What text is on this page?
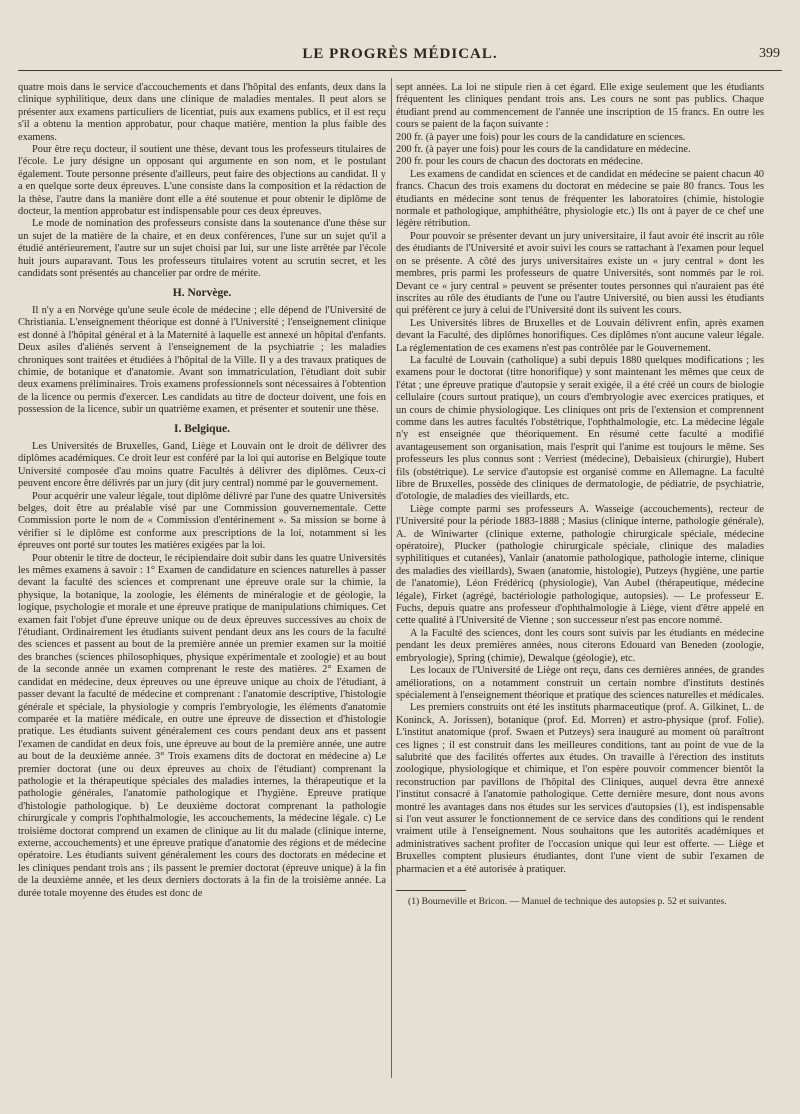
LE PROGRÈS MÉDICAL.	399

quatre mois dans le service d'accouchements et dans l'hôpital des enfants, deux dans la clinique syphilitique, deux dans une clinique de maladies mentales. Il peut alors se présenter aux examens particuliers de licentiat, puis aux examens publics, et il est reçu s'il a obtenu la mention approbatur, pour chaque matière, mention la plus faible des examens.

Pour être reçu docteur, il soutient une thèse, devant tous les professeurs titulaires de l'école. Le jury désigne un opposant qui argumente en son nom, et le postulant également. Toute personne présente d'ailleurs, peut faire des objections au candidat. Il y a en quelque sorte deux épreuves. L'une consiste dans la composition et la rédaction de la thèse, l'autre dans la manière dont elle a été soutenue et pour obtenir le diplôme de docteur, la mention approbatur est indispensable pour ces deux épreuves.

Le mode de nomination des professeurs consiste dans la soutenance d'une thèse sur un sujet de la matière de la chaire, et en deux conférences, l'une sur un sujet qu'il a étudié antérieurement, l'autre sur un sujet choisi par lui, sur une liste arrêtée par l'école huit jours auparavant. Tous les professeurs titulaires votent au scrutin secret, et les candidats sont présentés au chancelier par ordre de mérite.

H. Norvège.

Il n'y a en Norvège qu'une seule école de médecine ; elle dépend de l'Université de Christiania. L'enseignement théorique est donné à l'Université ; l'enseignement clinique est donné à l'hôpital général et à la Maternité à laquelle est annexé un hôpital d'enfants. Deux asiles d'aliénés servent à l'enseignement de la psychiatrie ; les maladies chroniques sont traitées et étudiées à l'hôpital de la Ville. Il y a des travaux pratiques de chimie, de botanique et d'anatomie. Avant son immatriculation, l'étudiant doit subir deux examens préliminaires. Trois examens professionnels sont nécessaires à l'obtention de la licence ou permis d'exercer. Les candidats au titre de docteur doivent, une fois en possession de la licence, subir un quatrième examen, et présenter et soutenir une thèse.

I. Belgique.

Les Universités de Bruxelles, Gand, Liège et Louvain ont le droit de délivrer des diplômes académiques. Ce droit leur est conféré par la loi qui autorise en Belgique toute Université composée d'au moins quatre Facultés à délivrer des diplômes. Ceux-ci peuvent encore être délivrés par un jury (dit jury central) nommé par le gouvernement.

Pour acquérir une valeur légale, tout diplôme délivré par l'une des quatre Universités belges, doit être au préalable visé par une Commission gouvernementale. Cette Commission porte le nom de « Commission d'entérinement ». Sa mission se borne à vérifier si le diplôme est conforme aux prescriptions de la loi, notamment si les épreuves ont porté sur toutes les matières exigées par la loi.

Pour obtenir le titre de docteur, le récipiendaire doit subir dans les quatre Universités les mêmes examens à savoir : 1° Examen de candidature en sciences naturelles à passer devant la faculté des sciences et comprenant une épreuve orale sur la chimie, la physique, la botanique, la zoologie, les éléments de minéralogie et de géologie, la logique, psychologie et morale et une épreuve pratique de manipulations chimiques. Cet examen fait l'objet d'une épreuve unique ou de deux épreuves successives au choix de l'étudiant. Ordinairement les étudiants suivent pendant deux ans les cours de la faculté des sciences et passent au bout de la première année un premier examen sur la moitié des branches (sciences philosophiques, physique expérimentale et zoologie) et au bout de la seconde année un examen comprenant le reste des matières. 2° Examen de candidat en médecine, deux épreuves ou une épreuve unique au choix de l'étudiant, à passer devant la faculté de médecine et comprenant : l'anatomie descriptive, l'histologie générale et spéciale, la physiologie y compris l'embryologie, les éléments d'anatomie comparée et la matière médicale, en outre une épreuve de dissection et d'histologie pratique. Les étudiants suivent généralement ces cours pendant deux ans et passent l'examen de candidat en deux fois, une épreuve au bout de la première année, une autre au bout de la deuxième année. 3° Trois examens dits de doctorat en médecine a) Le premier doctorat (une ou deux épreuves au choix de l'étudiant) comprenant la pathologie et la thérapeutique spéciales des maladies internes, la thérapeutique et la pathologie générales, l'anatomie pathologique et l'hygiène. Epreuve pratique d'histologie pathologique. b) Le deuxième doctorat comprenant la pathologie chirurgicale y compris l'ophthalmologie, les accouchements, la médecine légale. c) Le troisième doctorat comprend un examen de clinique au lit du malade (clinique interne, externe, accouchements) et une épreuve pratique d'anatomie des régions et de médecine opératoire. Les étudiants suivent généralement les cours des doctorats en médecine et les cliniques pendant trois ans ; ils passent le premier doctorat (épreuve unique) à la fin de la deuxième année, et les deux derniers doctorats à la fin de la troisième année. La durée totale moyenne des études est donc de

sept années. La loi ne stipule rien à cet égard. Elle exige seulement que les étudiants fréquentent les cliniques pendant trois ans. Les cours ne sont pas publics. Chaque étudiant prend au commencement de l'année une inscription de 15 francs. En outre les cours se paient de la façon suivante :

200 fr. (à payer une fois) pour les cours de la candidature en sciences.

200 fr. (à payer une fois) pour les cours de la candidature en médecine.

200 fr. pour les cours de chacun des doctorats en médecine.

Les examens de candidat en sciences et de candidat en médecine se paient chacun 40 francs. Chacun des trois examens du doctorat en médecine se paie 80 francs. Tous les étudiants en médecine sont tenus de fréquenter les laboratoires (chimie, histologie normale et pathologique, amphithéâtre, physiologie etc.) Ils ont à payer de ce chef une légère rétribution.

Pour pouvoir se présenter devant un jury universitaire, il faut avoir été inscrit au rôle des étudiants de l'Université et avoir suivi les cours se rattachant à l'examen pour lequel on se présente. A côté des jurys universitaires existe un « jury central » dont les membres, pris parmi les professeurs de quatre Universités, sont nommés par le roi. Devant ce « jury central » peuvent se présenter toutes personnes qui n'auraient pas été inscrites au rôle des étudiants de l'une ou l'autre Université, ou bien aussi les étudiants qui préfèrent ce jury à celui de l'Université dont ils suivent les cours.

Les Universités libres de Bruxelles et de Louvain délivrent enfin, après examen devant la Faculté, des diplômes honorifiques. Ces diplômes n'ont aucune valeur légale. La réglementation de ces examens n'est pas contrôlée par le Gouvernement.

La faculté de Louvain (catholique) a subi depuis 1880 quelques modifications ; les examens pour le doctorat (titre honorifique) y sont maintenant les mêmes que ceux de l'état ; une épreuve pratique d'autopsie y serait exigée, il a été créé un cours de biologie cellulaire (cours surtout pratique), un cours d'embryologie avec exercices pratiques, et un cours de chimie physiologique. Les cliniques ont pris de l'extension et comprennent comme dans les autres facultés l'obstétrique, l'ophthalmologie, etc. La médecine légale n'y est enseignée que théoriquement. En résumé cette faculté a modifié avantageusement son organisation, mais l'esprit qui l'anime est toujours le même. Ses professeurs les plus connus sont : Verriest (médecine), Debaisieux (chirurgie), Hubert fils (obstétrique). Le service d'autopsie est organisé comme en Allemagne. La faculté libre de Bruxelles, possède des cliniques de dermatologie, de pédiatrie, de psychiatrie, d'otologie, de maladies des vieillards, etc.

Liège compte parmi ses professeurs A. Wasseige (accouchements), recteur de l'Université pour la période 1883-1888 ; Masius (clinique interne, pathologie générale), A. de Winiwarter (clinique externe, pathologie chirurgicale spéciale, médecine opératoire), Plucker (pathologie chirurgicale spéciale, clinique des maladies syphilitiques et cutanées), Vanlair (anatomie pathologique, pathologie interne, clinique des maladies des vieillards), Swaen (anatomie, histologie), Putzeys (hygiène, une partie de l'anatomie), Léon Frédéricq (physiologie), Van Aubel (thérapeutique, médecine légale), Firket (agrégé, bactériologie pathologique, autopsies). — Le professeur E. Fuchs, depuis quatre ans professeur d'ophthalmologie à Liège, vient d'être appelé en cette qualité à l'Université de Vienne ; son successeur n'est pas encore nommé.

A la Faculté des sciences, dont les cours sont suivis par les étudiants en médecine pendant les deux premières années, nous citerons Edouard van Beneden (zoologie, embryologie), Spring (chimie), Dewalque (géologie), etc.

Les locaux de l'Université de Liège ont reçu, dans ces dernières années, de grandes améliorations, on a notamment construit un certain nombre d'instituts destinés spécialement à l'enseignement théorique et pratique des sciences naturelles et médicales.

Les premiers construits ont été les instituts pharmaceutique (prof. A. Gilkinet, L. de Koninck, A. Jorissen), botanique (prof. Ed. Morren) et astro-physique (prof. Folie). L'institut anatomique (prof. Swaen et Putzeys) sera inauguré au moment où paraîtront ces lignes ; il est construit dans les meilleures conditions, tant au point de vue de la salubrité que des facilités offertes aux études. On travaille à l'érection des instituts zoologique, physiologique et chimique, et l'on espère pouvoir commencer bientôt la reconstruction par pavillons de l'hôpital des Cliniques, auquel devra être annexé l'institut consacré à l'anatomie pathologique. Cette dernière mesure, dont nous avons montré les avantages dans nos études sur les services d'autopsies (1), est indispensable si l'on veut assurer le fonctionnement de ce service dans des conditions qui le rendent vraiment utile à l'enseignement. Nous souhaitons que les autorités académiques et administratives sachent profiter de l'occasion unique qui leur est offerte. — Liège et Bruxelles comptent plusieurs étudiantes, dont l'une vient de subir l'examen de pharmacien et a été autorisée à pratiquer.

(1) Bourneville et Bricon. — Manuel de technique des autopsies p. 52 et suivantes.
